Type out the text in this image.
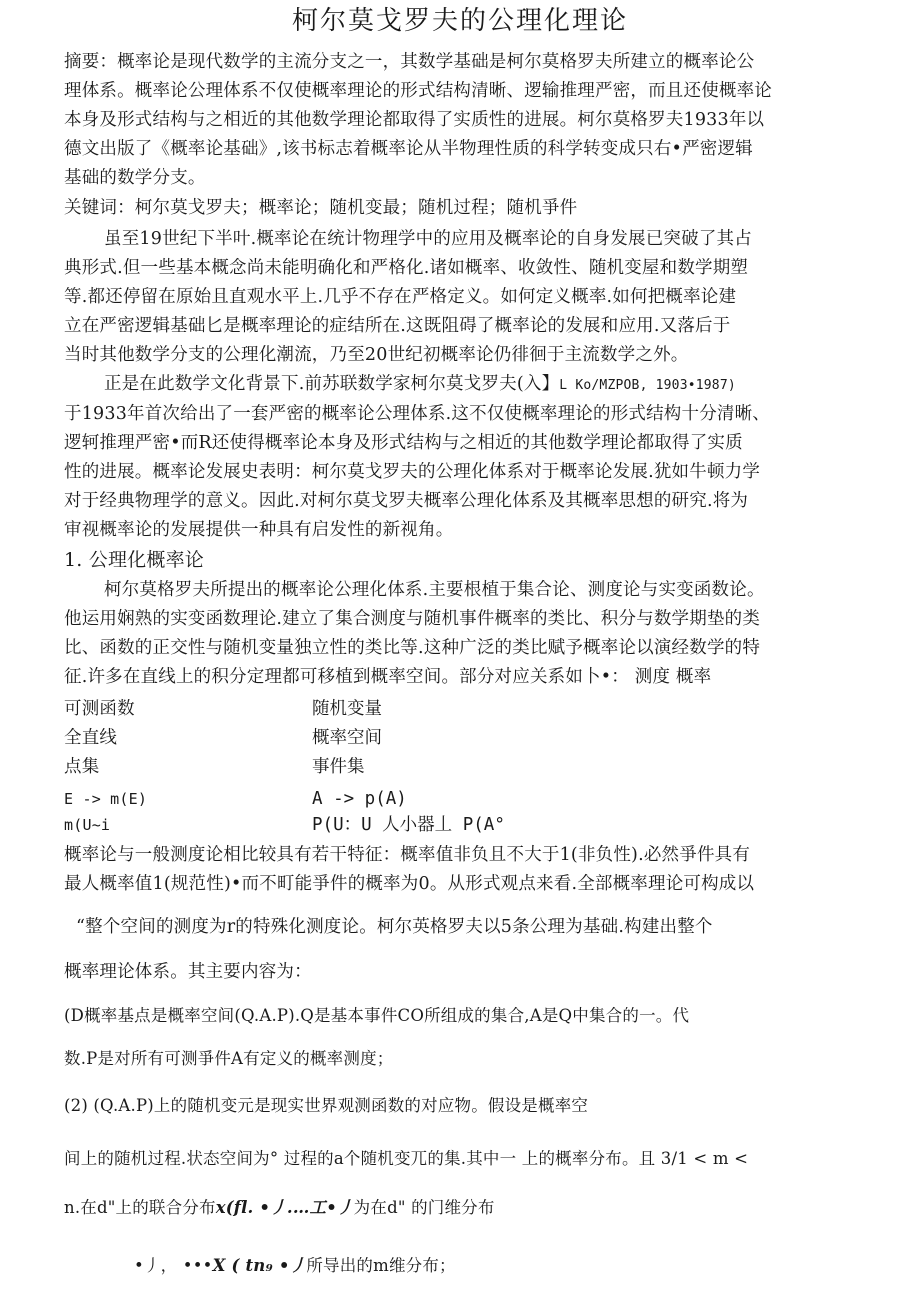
柯尔莫戈罗夫的公理化理论
摘要：概率论是现代数学的主流分支之一，其数学基础是柯尔莫格罗夫所建立的概率论公
理体系。概率论公理体系不仅使概率理论的形式结构清晰、逻输推理严密，而且还使概率论
本身及形式结构与之相近的其他数学理论都取得了实质性的进展。柯尔莫格罗夫1933年以
德文出版了《概率论基础》,该书标志着概率论从半物理性质的科学转变成只右•严密逻辑
基础的数学分支。
关键词：柯尔莫戈罗夫；概率论；随机变最；随机过程；随机爭件
虽至19世纪下半叶.概率论在统计物理学中的应用及概率论的自身发展已突破了其占
典形式.但一些基本概念尚未能明确化和严格化.诸如概率、收敛性、随机变屋和数学期塑
等.都还停留在原始且直观水平上.几乎不存在严格定义。如何定义概率.如何把概率论建
立在严密逻辑基础匕是概率理论的症结所在.这既阻碍了概率论的发展和应用.又落后于
当时其他数学分支的公理化潮流，乃至20世纪初概率论仍徘徊于主流数学之外。
正是在此数学文化背景下.前苏联数学家柯尔莫戈罗夫(入】L Ko/MZPOB, 1903•1987)
于1933年首次给出了一套严密的概率论公理体系.这不仅使概率理论的形式结构十分清晰、
逻轲推理严密•而R还使得概率论本身及形式结构与之相近的其他数学理论都取得了实质
性的进展。概率论发展史表明：柯尔莫戈罗夫的公理化体系对于概率论发展.犹如牛顿力学
对于经典物理学的意义。因此.对柯尔莫戈罗夫概率公理化体系及其概率思想的研究.将为
审视概率论的发展提供一种具有启发性的新视角。
1. 公理化概率论
柯尔莫格罗夫所提出的概率论公理化体系.主要根植于集合论、测度论与实变函数论。
他运用娴熟的实变函数理论.建立了集合测度与随机事件概率的类比、积分与数学期垫的类
比、函数的正交性与随机变量独立性的类比等.这种广泛的类比赋予概率论以演经数学的特
征.许多在直线上的积分定理都可移植到概率空间。部分对应关系如卜•： 测度 概率
可测函数	随机变量
全直线	概率空间
点集	事件集
E -> m(E)	A -> p(A)
m(U~i	P(U：U 人小器丄 P(A°
概率论与一般测度论相比较具有若干特征：概率值非负且不大于1(非负性).必然爭件具有
最人概率值1(规范性)•而不町能爭件的概率为0。从形式观点来看.全部概率理论可构成以
“整个空间的测度为r的特殊化测度论。柯尔英格罗夫以5条公理为基础.构建出整个
概率理论体系。其主要内容为：
(D概率基点是概率空间(Q.A.P).Q是基本事件CO所组成的集合,A是Q中集合的一。代
数.P是对所有可测爭件A有定义的概率测度；
(2) (Q.A.P)上的随机变元是现实世界观测函数的对应物。假设是概率空
间上的随机过程.状态空间为° 过程的a个随机变兀的集.其中一 上的概率分布。且 3/1 < m <
n.在d"上的联合分布x(fl. •丿.…工•丿为在d" 的门维分布
•丿， •••X ( tn₉ •丿所导出的m维分布；
